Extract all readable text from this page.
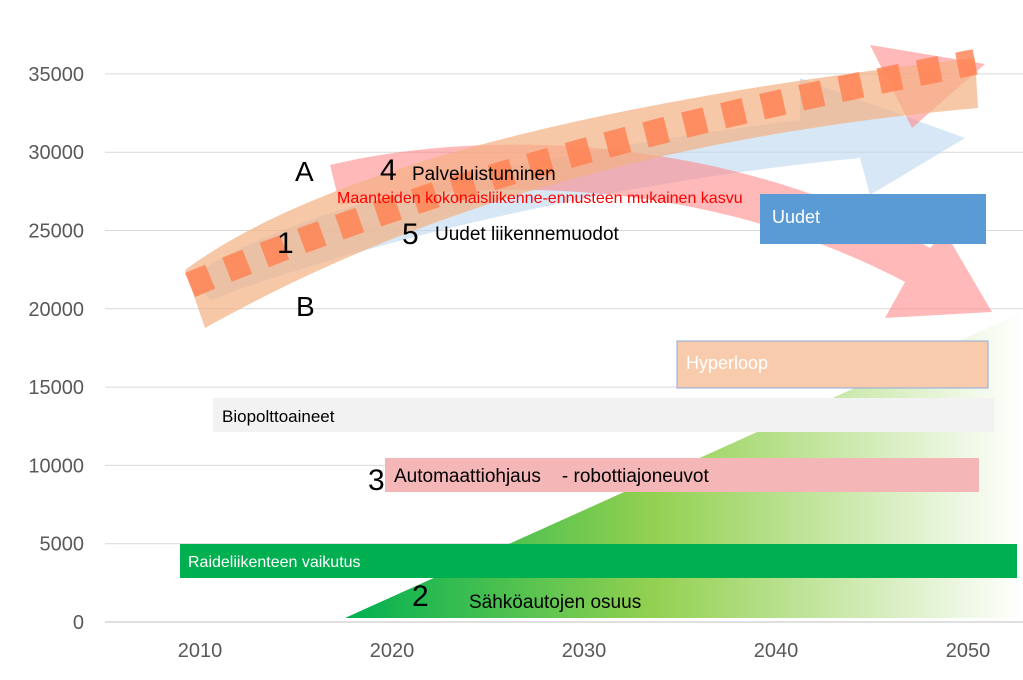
0
5000
10000
15000
20000
25000
30000
35000
2010	2020	2030	2040	2050
Uudet
Hyperloop
Biopolttoaineet
Automaattiohjaus    - robottiajoneuvot
Raideliikenteen vaikutus
Sähköautojen osuus
Palveluistuminen
Uudet liikennemuodot
Maanteiden kokonaisliikenne-ennusteen mukainen kasvu
A
B
1
2
3
4
5
